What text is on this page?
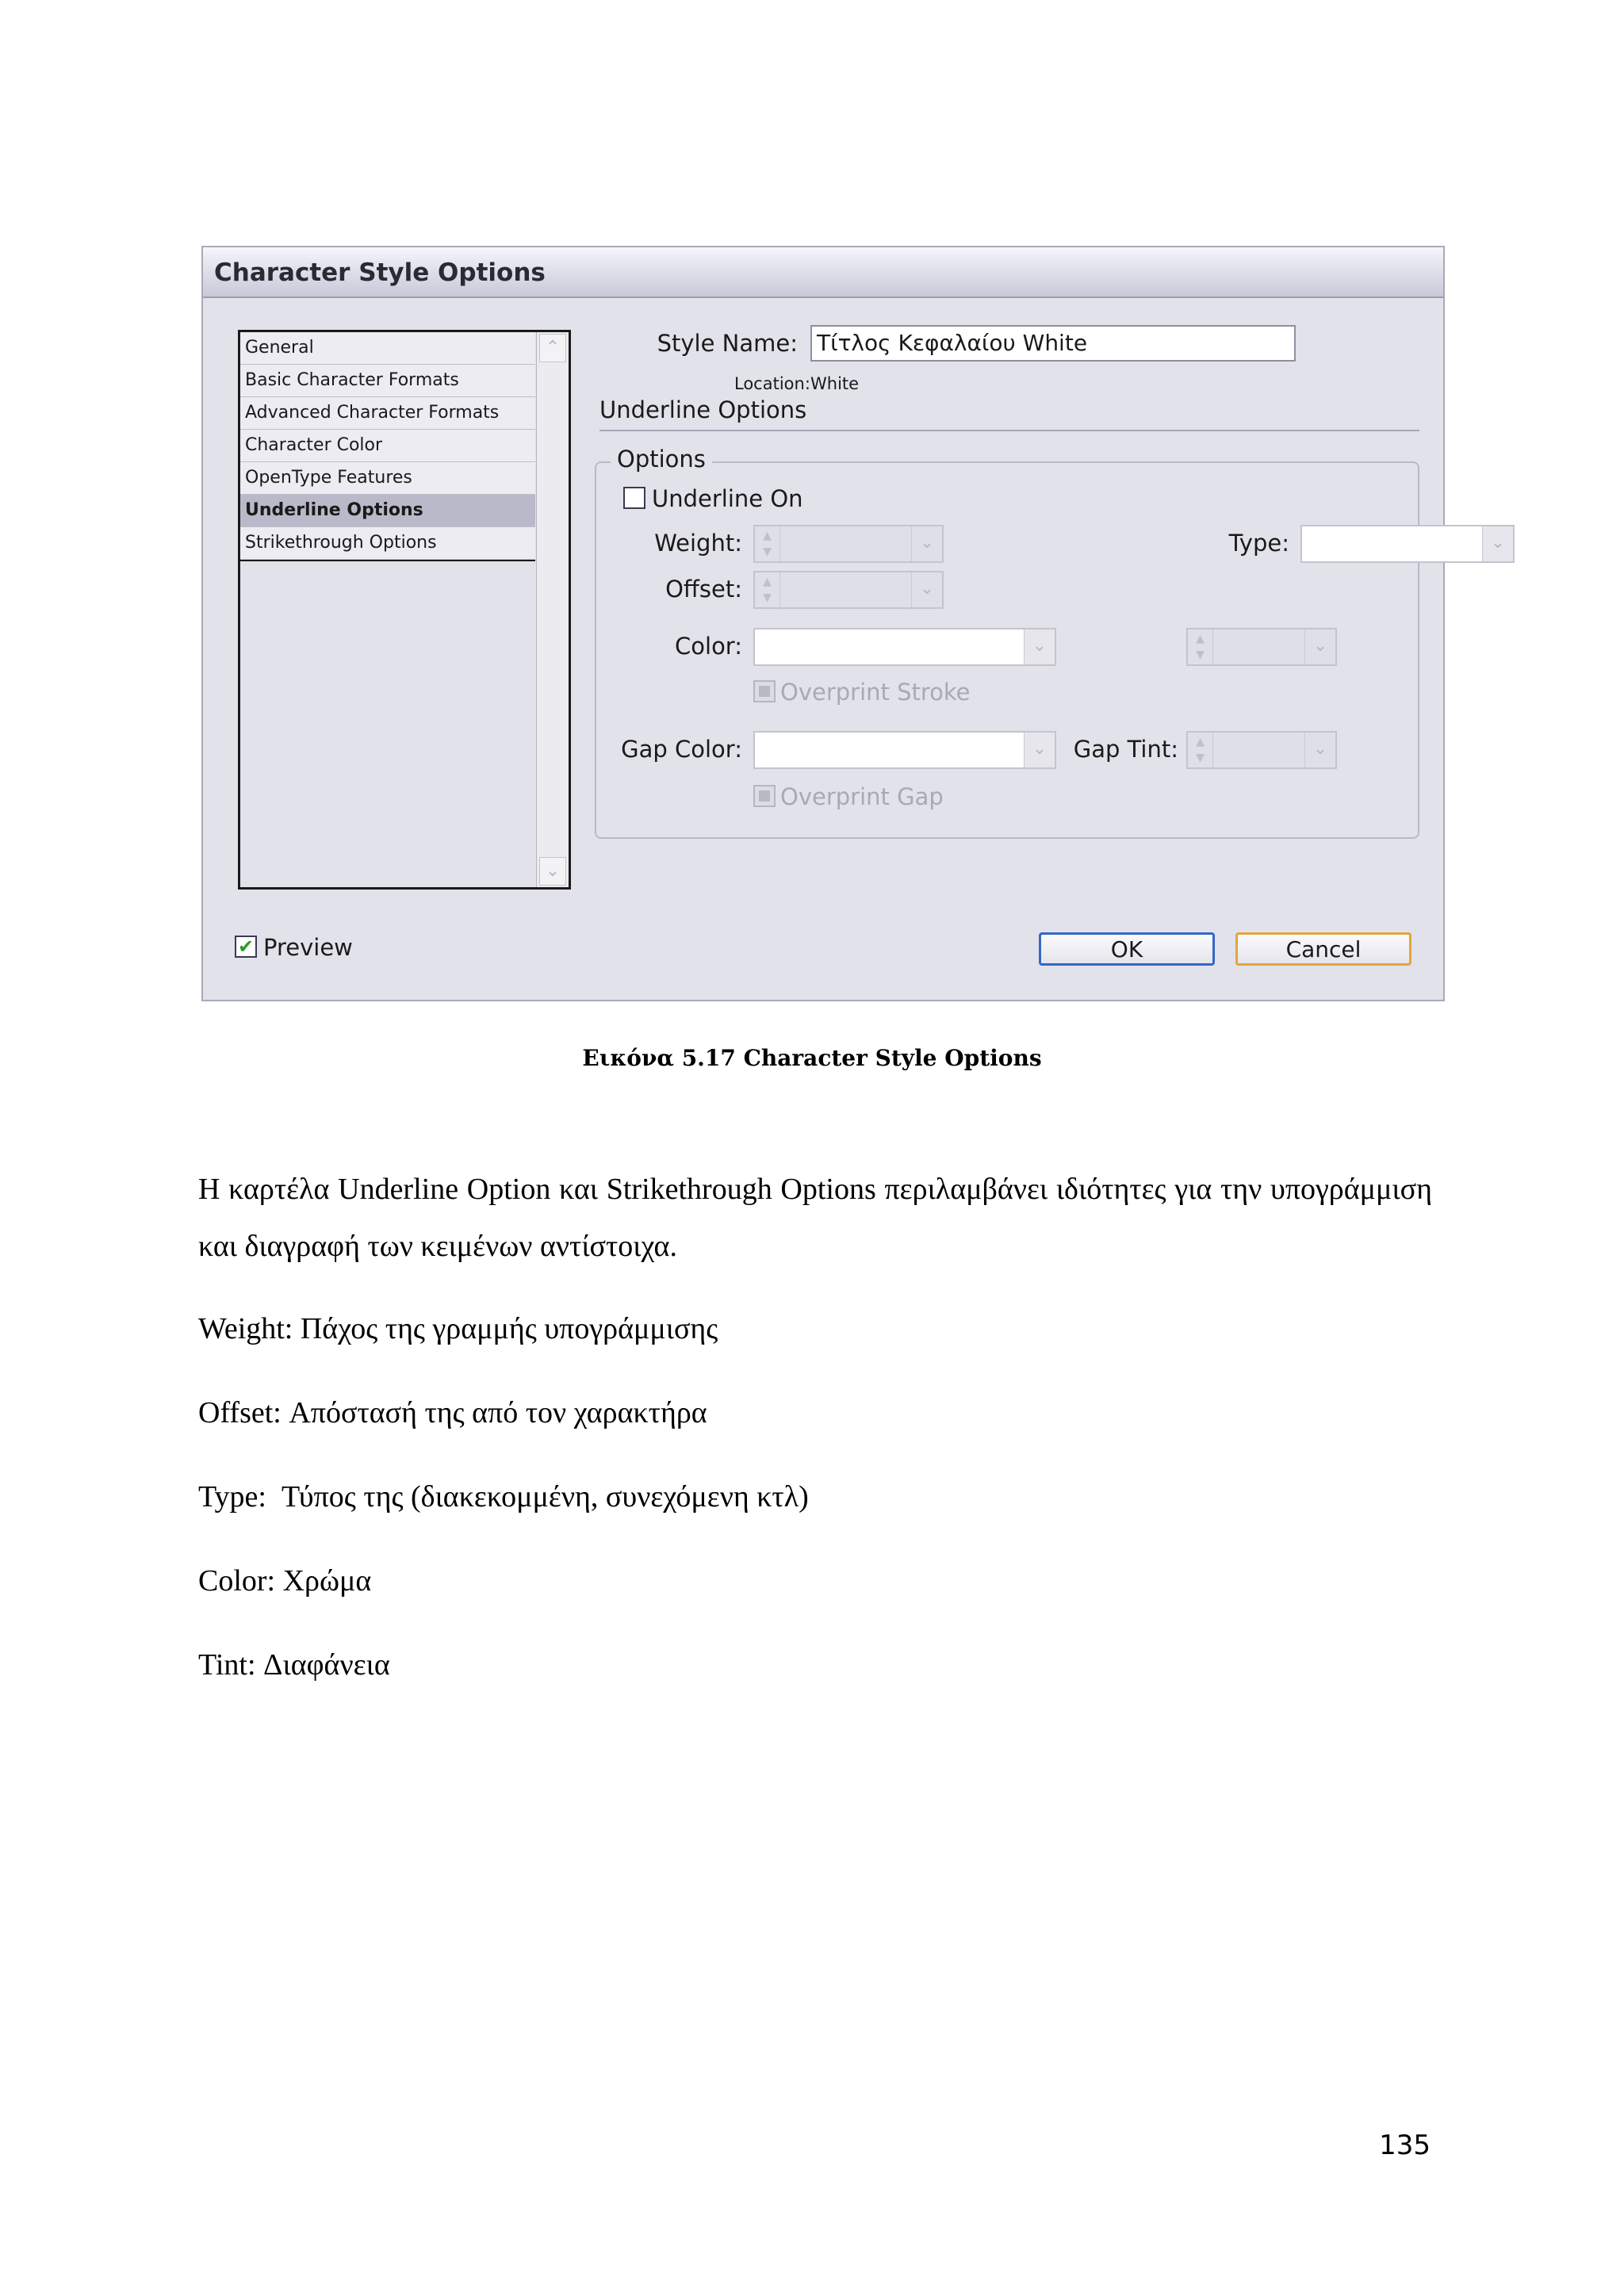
Character Style Options
General
Basic Character Formats
Advanced Character Formats
Character Color
OpenType Features
Underline Options
Strikethrough Options
⌃
⌄
Style Name: Τίτλος Κεφαλαίου White
Location: White
Underline Options
Options
Underline On
Weight:	▲
▼	⌄	Type:	⌄
Offset:	▲
▼	⌄
Color:	⌄	▲
▼	⌄
Overprint Stroke
Gap Color:	⌄	Gap Tint:	▲
▼	⌄
Overprint Gap
✔ Preview	OK	Cancel
Εικόνα 5.17 Character Style Options
Η καρτέλα Underline Option και Strikethrough Options περιλαμβάνει ιδιότητες για την υπογράμμιση και διαγραφή των κειμένων αντίστοιχα.
Weight: Πάχος της γραμμής υπογράμμισης
Offset: Απόστασή της από τον χαρακτήρα
Type:  Τύπος της (διακεκομμένη, συνεχόμενη κτλ)
Color: Χρώμα
Tint: Διαφάνεια
135
